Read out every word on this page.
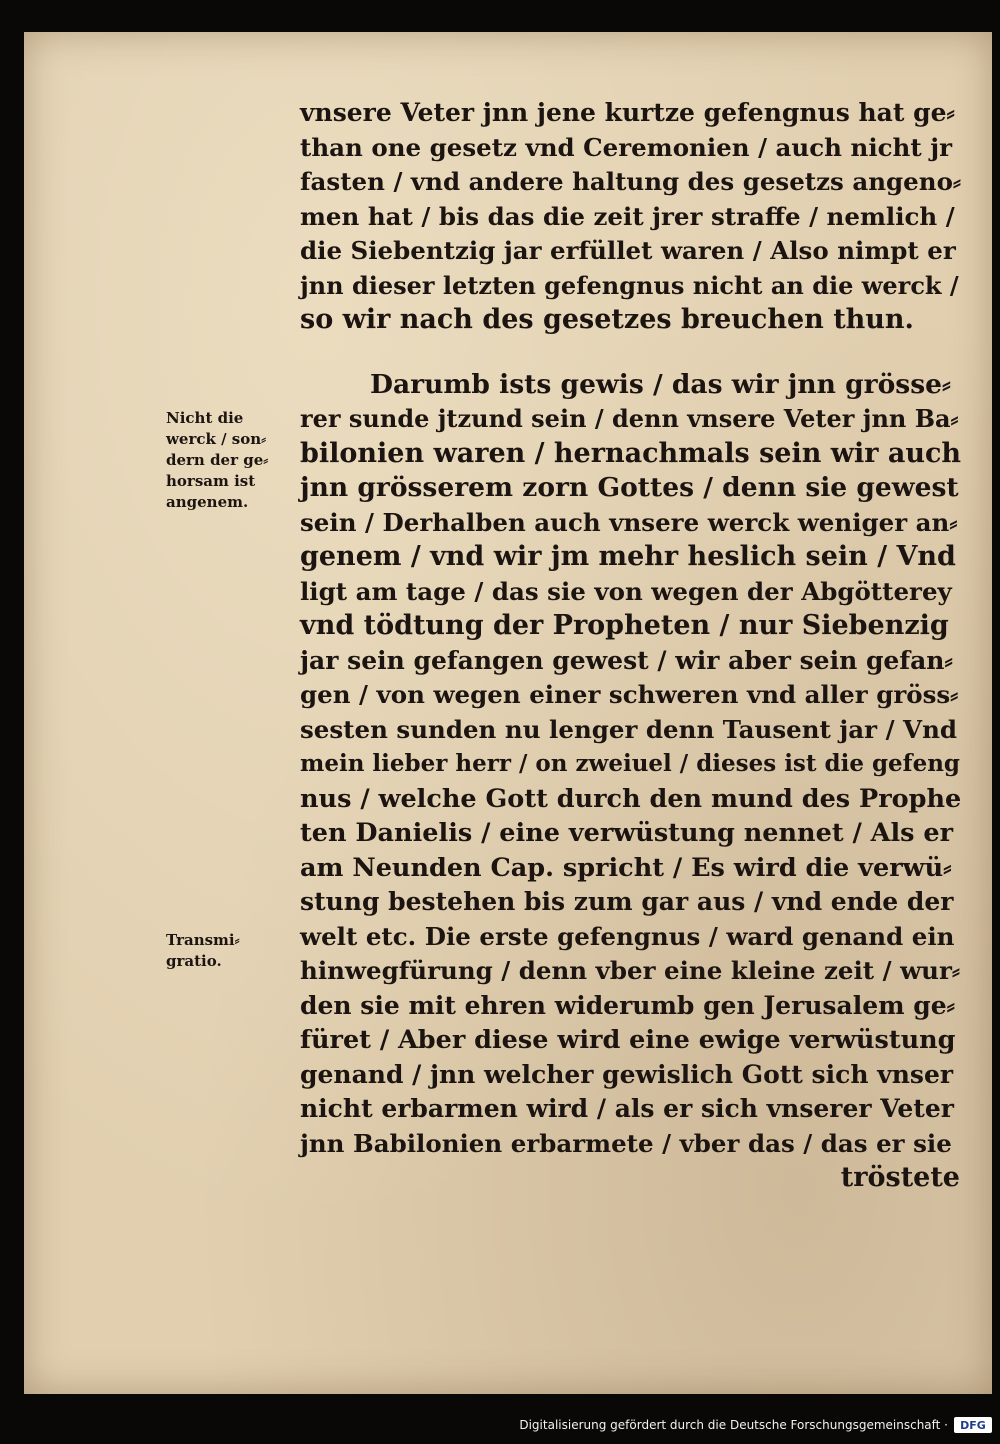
vnsere Veter jnn jene kurtze gefengnus hat ge⸗
than one gesetz vnd Ceremonien / auch nicht jr
fasten / vnd andere haltung des gesetzs angeno⸗
men hat / bis das die zeit jrer straffe / nemlich /
die Siebentzig jar erfüllet waren / Also nimpt er
jnn dieser letzten gefengnus nicht an die werck /
so wir nach des gesetzes breuchen thun.
Darumb ists gewis / das wir jnn grösse⸗
rer sunde jtzund sein / denn vnsere Veter jnn Ba⸗
bilonien waren / hernachmals sein wir auch
jnn grösserem zorn Gottes / denn sie gewest
sein / Derhalben auch vnsere werck weniger an⸗
genem / vnd wir jm mehr heslich sein / Vnd
ligt am tage / das sie von wegen der Abgötterey
vnd tödtung der Propheten / nur Siebenzig
jar sein gefangen gewest / wir aber sein gefan⸗
gen / von wegen einer schweren vnd aller gröss⸗
sesten sunden nu lenger denn Tausent jar / Vnd
mein lieber herr / on zweiuel / dieses ist die gefeng
nus / welche Gott durch den mund des Prophe
ten Danielis / eine verwüstung nennet / Als er
am Neunden Cap. spricht / Es wird die verwü⸗
stung bestehen bis zum gar aus / vnd ende der
welt etc. Die erste gefengnus / ward genand ein
hinwegfürung / denn vber eine kleine zeit / wur⸗
den sie mit ehren widerumb gen Jerusalem ge⸗
füret / Aber diese wird eine ewige verwüstung
genand / jnn welcher gewislich Gott sich vnser
nicht erbarmen wird / als er sich vnserer Veter
jnn Babilonien erbarmete / vber das / das er sie
tröstete
Nicht die
werck / son⸗
dern der ge⸗
horsam ist
angenem.
Transmi⸗
gratio.
Digitalisierung gefördert durch die Deutsche Forschungsgemeinschaft ·	DFG
